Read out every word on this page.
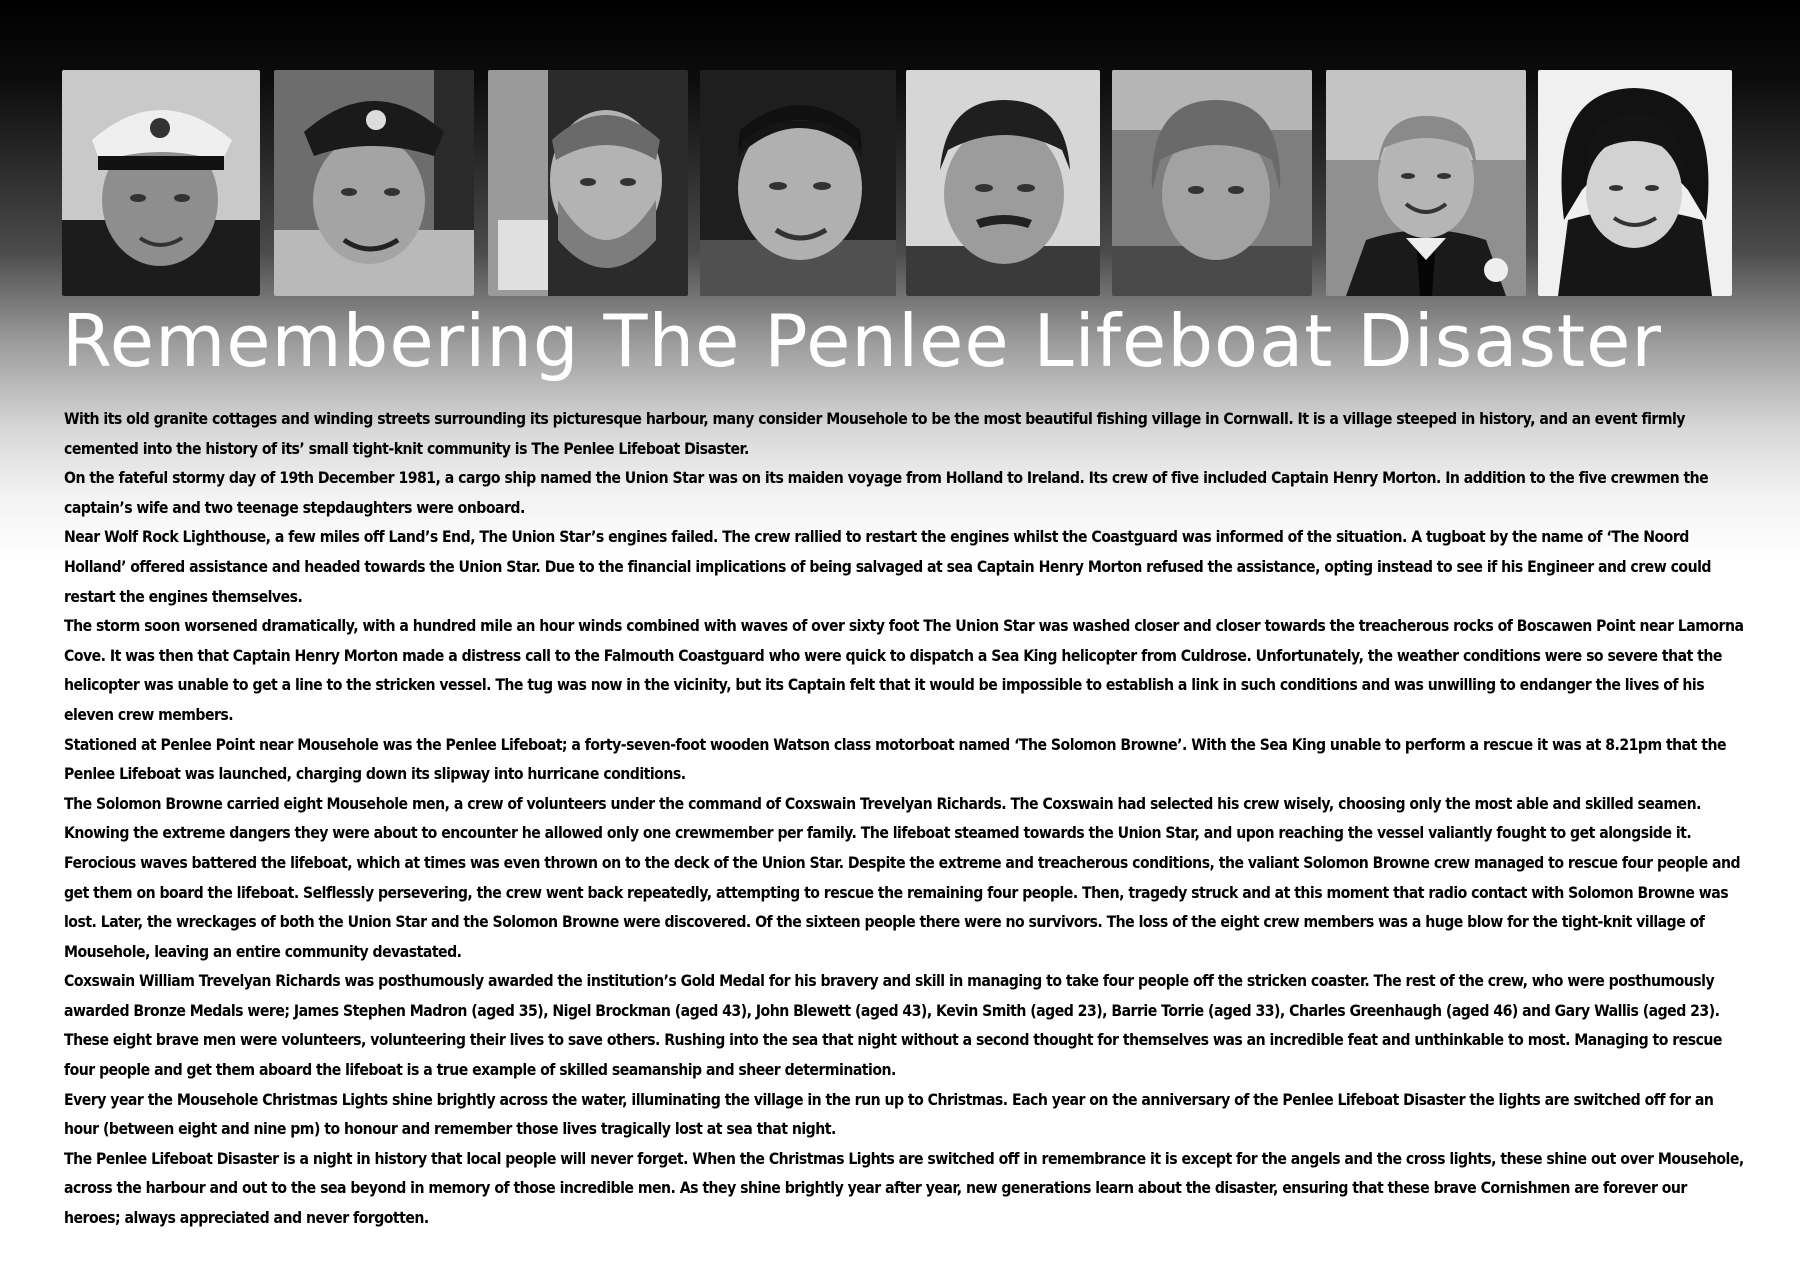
Remembering The Penlee Lifeboat Disaster

With its old granite cottages and winding streets surrounding its picturesque harbour, many consider Mousehole to be the most beautiful fishing village in Cornwall. It is a village steeped in history, and an event firmly cemented into the history of its’ small tight-knit community is The Penlee Lifeboat Disaster.

On the fateful stormy day of 19th December 1981, a cargo ship named the Union Star was on its maiden voyage from Holland to Ireland. Its crew of five included Captain Henry Morton. In addition to the five crewmen the captain’s wife and two teenage stepdaughters were onboard.

Near Wolf Rock Lighthouse, a few miles off Land’s End, The Union Star’s engines failed. The crew rallied to restart the engines whilst the Coastguard was informed of the situation. A tugboat by the name of ‘The Noord Holland’ offered assistance and headed towards the Union Star. Due to the financial implications of being salvaged at sea Captain Henry Morton refused the assistance, opting instead to see if his Engineer and crew could restart the engines themselves.

The storm soon worsened dramatically, with a hundred mile an hour winds combined with waves of over sixty foot The Union Star was washed closer and closer towards the treacherous rocks of Boscawen Point near Lamorna Cove. It was then that Captain Henry Morton made a distress call to the Falmouth Coastguard who were quick to dispatch a Sea King helicopter from Culdrose. Unfortunately, the weather conditions were so severe that the helicopter was unable to get a line to the stricken vessel. The tug was now in the vicinity, but its Captain felt that it would be impossible to establish a link in such conditions and was unwilling to endanger the lives of his eleven crew members.

Stationed at Penlee Point near Mousehole was the Penlee Lifeboat; a forty-seven-foot wooden Watson class motorboat named ‘The Solomon Browne’. With the Sea King unable to perform a rescue it was at 8.21pm that the Penlee Lifeboat was launched, charging down its slipway into hurricane conditions.

The Solomon Browne carried eight Mousehole men, a crew of volunteers under the command of Coxswain Trevelyan Richards. The Coxswain had selected his crew wisely, choosing only the most able and skilled seamen. Knowing the extreme dangers they were about to encounter he allowed only one crewmember per family. The lifeboat steamed towards the Union Star, and upon reaching the vessel valiantly fought to get alongside it. Ferocious waves battered the lifeboat, which at times was even thrown on to the deck of the Union Star. Despite the extreme and treacherous conditions, the valiant Solomon Browne crew managed to rescue four people and get them on board the lifeboat. Selflessly persevering, the crew went back repeatedly, attempting to rescue the remaining four people. Then, tragedy struck and at this moment that radio contact with Solomon Browne was lost. Later, the wreckages of both the Union Star and the Solomon Browne were discovered. Of the sixteen people there were no survivors. The loss of the eight crew members was a huge blow for the tight-knit village of Mousehole, leaving an entire community devastated.

Coxswain William Trevelyan Richards was posthumously awarded the institution’s Gold Medal for his bravery and skill in managing to take four people off the stricken coaster. The rest of the crew, who were posthumously awarded Bronze Medals were; James Stephen Madron (aged 35), Nigel Brockman (aged 43), John Blewett (aged 43), Kevin Smith (aged 23), Barrie Torrie (aged 33), Charles Greenhaugh (aged 46) and Gary Wallis (aged 23). These eight brave men were volunteers, volunteering their lives to save others. Rushing into the sea that night without a second thought for themselves was an incredible feat and unthinkable to most. Managing to rescue four people and get them aboard the lifeboat is a true example of skilled seamanship and sheer determination.

Every year the Mousehole Christmas Lights shine brightly across the water, illuminating the village in the run up to Christmas. Each year on the anniversary of the Penlee Lifeboat Disaster the lights are switched off for an hour (between eight and nine pm) to honour and remember those lives tragically lost at sea that night.

The Penlee Lifeboat Disaster is a night in history that local people will never forget. When the Christmas Lights are switched off in remembrance it is except for the angels and the cross lights, these shine out over Mousehole, across the harbour and out to the sea beyond in memory of those incredible men. As they shine brightly year after year, new generations learn about the disaster, ensuring that these brave Cornishmen are forever our heroes; always appreciated and never forgotten.
